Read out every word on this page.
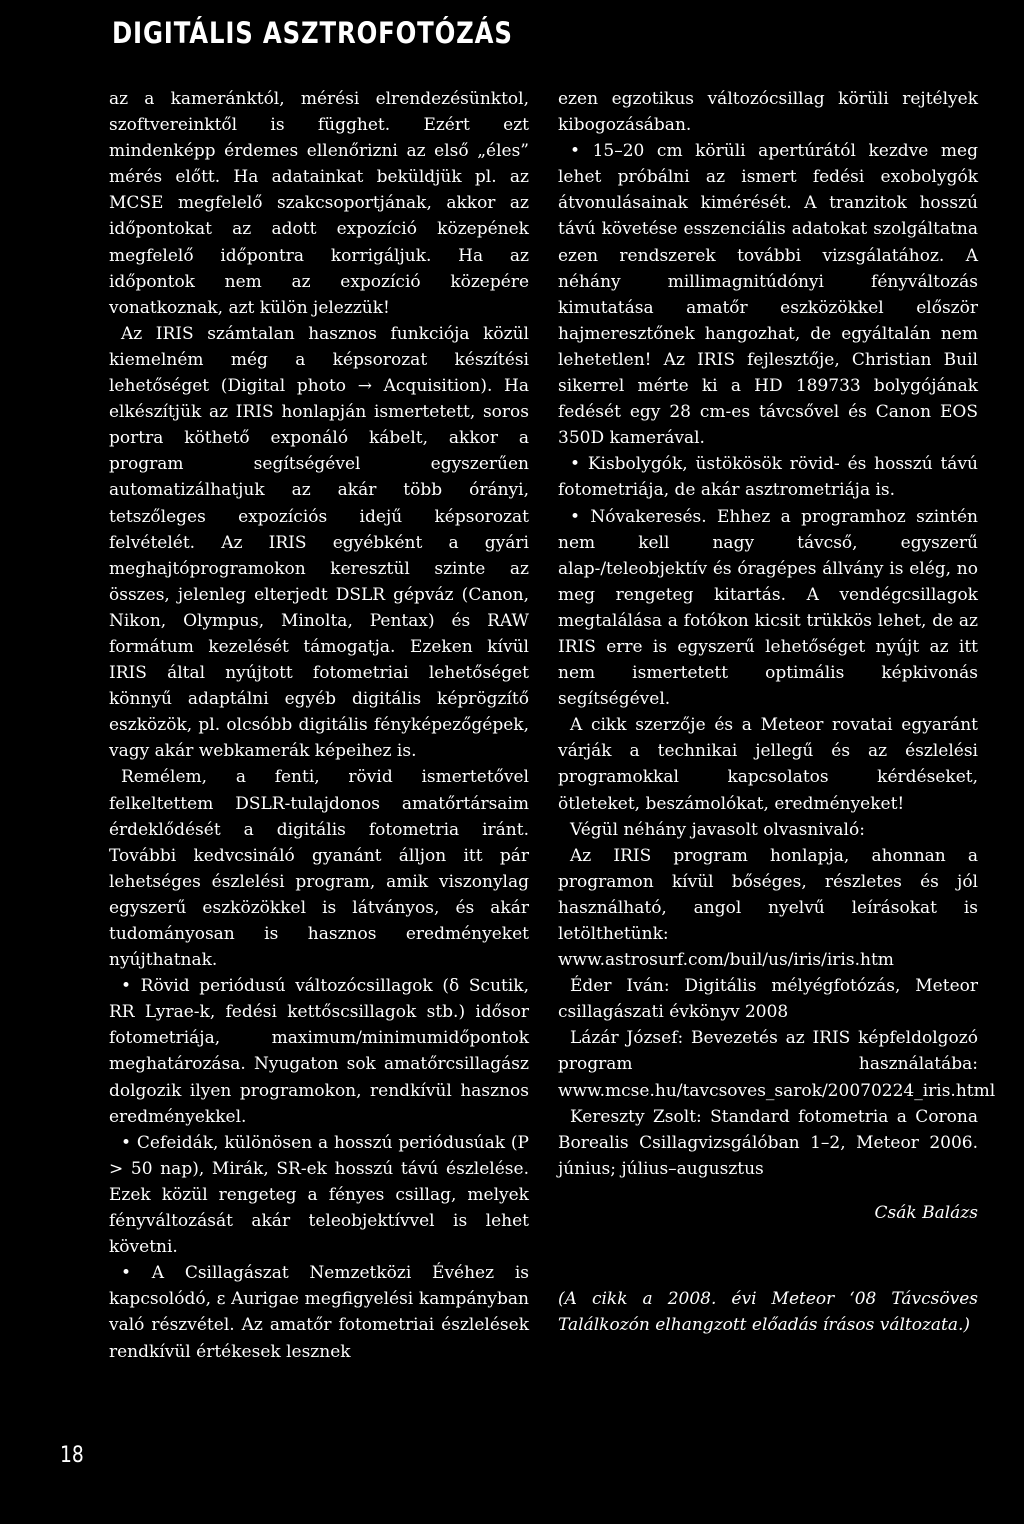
DIGITÁLIS ASZTROFOTÓZÁS

az a kameránktól, mérési elrendezésünktol, szoftvereinktől is függhet. Ezért ezt mindenképp érdemes ellenőrizni az első „éles” mérés előtt. Ha adatainkat beküldjük pl. az MCSE megfelelő szakcsoportjának, akkor az időpontokat az adott expozíció közepének megfelelő időpontra korrigáljuk. Ha az időpontok nem az expozíció közepére vonatkoznak, azt külön jelezzük!

Az IRIS számtalan hasznos funkciója közül kiemelném még a képsorozat készítési lehetőséget (Digital photo → Acquisition). Ha elkészítjük az IRIS honlapján ismertetett, soros portra köthető exponáló kábelt, akkor a program segítségével egyszerűen automatizálhatjuk az akár több órányi, tetszőleges expozíciós idejű képsorozat felvételét. Az IRIS egyébként a gyári meghajtóprogramokon keresztül szinte az összes, jelenleg elterjedt DSLR gépváz (Canon, Nikon, Olympus, Minolta, Pentax) és RAW formátum kezelését támogatja. Ezeken kívül IRIS által nyújtott fotometriai lehetőséget könnyű adaptálni egyéb digitális képrögzítő eszközök, pl. olcsóbb digitális fényképezőgépek, vagy akár webkamerák képeihez is.

Remélem, a fenti, rövid ismertetővel felkeltettem DSLR-tulajdonos amatőrtársaim érdeklődését a digitális fotometria iránt. További kedvcsináló gyanánt álljon itt pár lehetséges észlelési program, amik viszonylag egyszerű eszközökkel is látványos, és akár tudományosan is hasznos eredményeket nyújthatnak.

• Rövid periódusú változócsillagok (δ Scutik, RR Lyrae-k, fedési kettőscsillagok stb.) idősor fotometriája, maximum/minimumidőpontok meghatározása. Nyugaton sok amatőrcsillagász dolgozik ilyen programokon, rendkívül hasznos eredményekkel.

• Cefeidák, különösen a hosszú periódusúak (P > 50 nap), Mirák, SR-ek hosszú távú észlelése. Ezek közül rengeteg a fényes csillag, melyek fényváltozását akár teleobjektívvel is lehet követni.

• A Csillagászat Nemzetközi Évéhez is kapcsolódó, ε Aurigae megfigyelési kampányban való részvétel. Az amatőr fotometriai észlelések rendkívül értékesek lesznek

ezen egzotikus változócsillag körüli rejtélyek kibogozásában.

• 15–20 cm körüli apertúrától kezdve meg lehet próbálni az ismert fedési exobolygók átvonulásainak kimérését. A tranzitok hosszú távú követése esszenciális adatokat szolgáltatna ezen rendszerek további vizsgálatához. A néhány millimagnitúdónyi fényváltozás kimutatása amatőr eszközökkel először hajmeresztőnek hangozhat, de egyáltalán nem lehetetlen! Az IRIS fejlesztője, Christian Buil sikerrel mérte ki a HD 189733 bolygójának fedését egy 28 cm-es távcsővel és Canon EOS 350D kamerával.

• Kisbolygók, üstökösök rövid- és hosszú távú fotometriája, de akár asztrometriája is.

• Nóvakeresés. Ehhez a programhoz szintén nem kell nagy távcső, egyszerű alap-/teleobjektív és óragépes állvány is elég, no meg rengeteg kitartás. A vendégcsillagok megtalálása a fotókon kicsit trükkös lehet, de az IRIS erre is egyszerű lehetőséget nyújt az itt nem ismertetett optimális képkivonás segítségével.

A cikk szerzője és a Meteor rovatai egyaránt várják a technikai jellegű és az észlelési programokkal kapcsolatos kérdéseket, ötleteket, beszámolókat, eredményeket!

Végül néhány javasolt olvasnivaló:

Az IRIS program honlapja, ahonnan a programon kívül bőséges, részletes és jól használható, angol nyelvű leírásokat is letölthetünk: www.astrosurf.com/buil/us/iris/iris.htm

Éder Iván: Digitális mélyégfotózás, Meteor csillagászati évkönyv 2008

Lázár József: Bevezetés az IRIS képfeldolgozó program használatába: www.mcse.hu/tavcsoves_sarok/20070224_iris.html

Kereszty Zsolt: Standard fotometria a Corona Borealis Csillagvizsgálóban 1–2, Meteor 2006. június; július–augusztus

Csák Balázs

(A cikk a 2008. évi Meteor ‘08 Távcsöves Találkozón elhangzott előadás írásos változata.)

18
